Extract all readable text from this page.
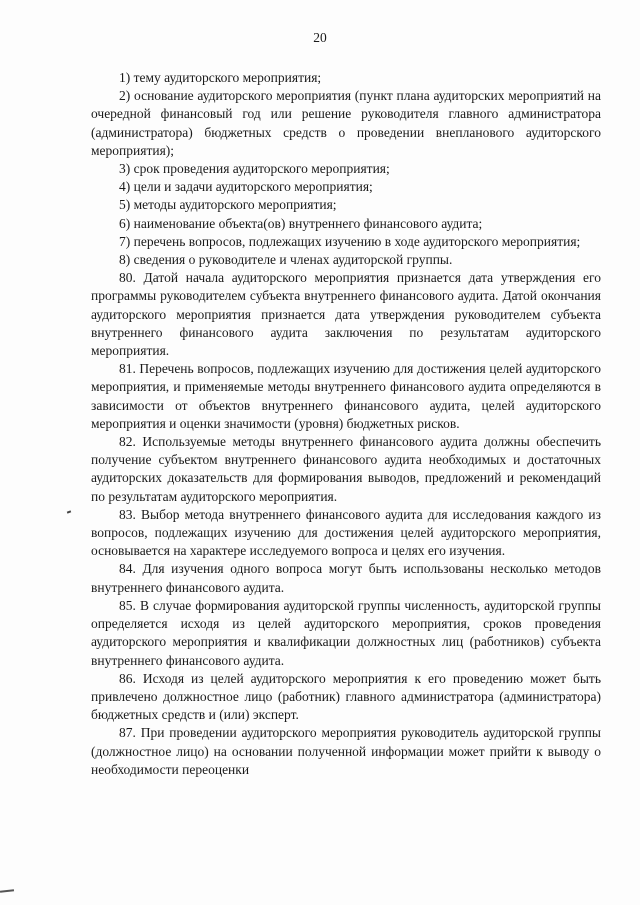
20

1) тему аудиторского мероприятия;

2) основание аудиторского мероприятия (пункт плана аудиторских мероприятий на очередной финансовый год или решение руководителя главного администратора (администратора) бюджетных средств о проведении внепланового аудиторского мероприятия);

3) срок проведения аудиторского мероприятия;

4) цели и задачи аудиторского мероприятия;

5) методы аудиторского мероприятия;

6) наименование объекта(ов) внутреннего финансового аудита;

7) перечень вопросов, подлежащих изучению в ходе аудиторского мероприятия;

8) сведения о руководителе и членах аудиторской группы.

80. Датой начала аудиторского мероприятия признается дата утверждения его программы руководителем субъекта внутреннего финансового аудита. Датой окончания аудиторского мероприятия признается дата утверждения руководителем субъекта внутреннего финансового аудита заключения по результатам аудиторского мероприятия.

81. Перечень вопросов, подлежащих изучению для достижения целей аудиторского мероприятия, и применяемые методы внутреннего финансового аудита определяются в зависимости от объектов внутреннего финансового аудита, целей аудиторского мероприятия и оценки значимости (уровня) бюджетных рисков.

82. Используемые методы внутреннего финансового аудита должны обеспечить получение субъектом внутреннего финансового аудита необходимых и достаточных аудиторских доказательств для формирования выводов, предложений и рекомендаций по результатам аудиторского мероприятия.

83. Выбор метода внутреннего финансового аудита для исследования каждого из вопросов, подлежащих изучению для достижения целей аудиторского мероприятия, основывается на характере исследуемого вопроса и целях его изучения.

84. Для изучения одного вопроса могут быть использованы несколько методов внутреннего финансового аудита.

85. В случае формирования аудиторской группы численность, аудиторской группы определяется исходя из целей аудиторского мероприятия, сроков проведения аудиторского мероприятия и квалификации должностных лиц (работников) субъекта внутреннего финансового аудита.

86. Исходя из целей аудиторского мероприятия к его проведению может быть привлечено должностное лицо (работник) главного администратора (администратора) бюджетных средств и (или) эксперт.

87. При проведении аудиторского мероприятия руководитель аудиторской группы (должностное лицо) на основании полученной информации может прийти к выводу о необходимости переоценки
